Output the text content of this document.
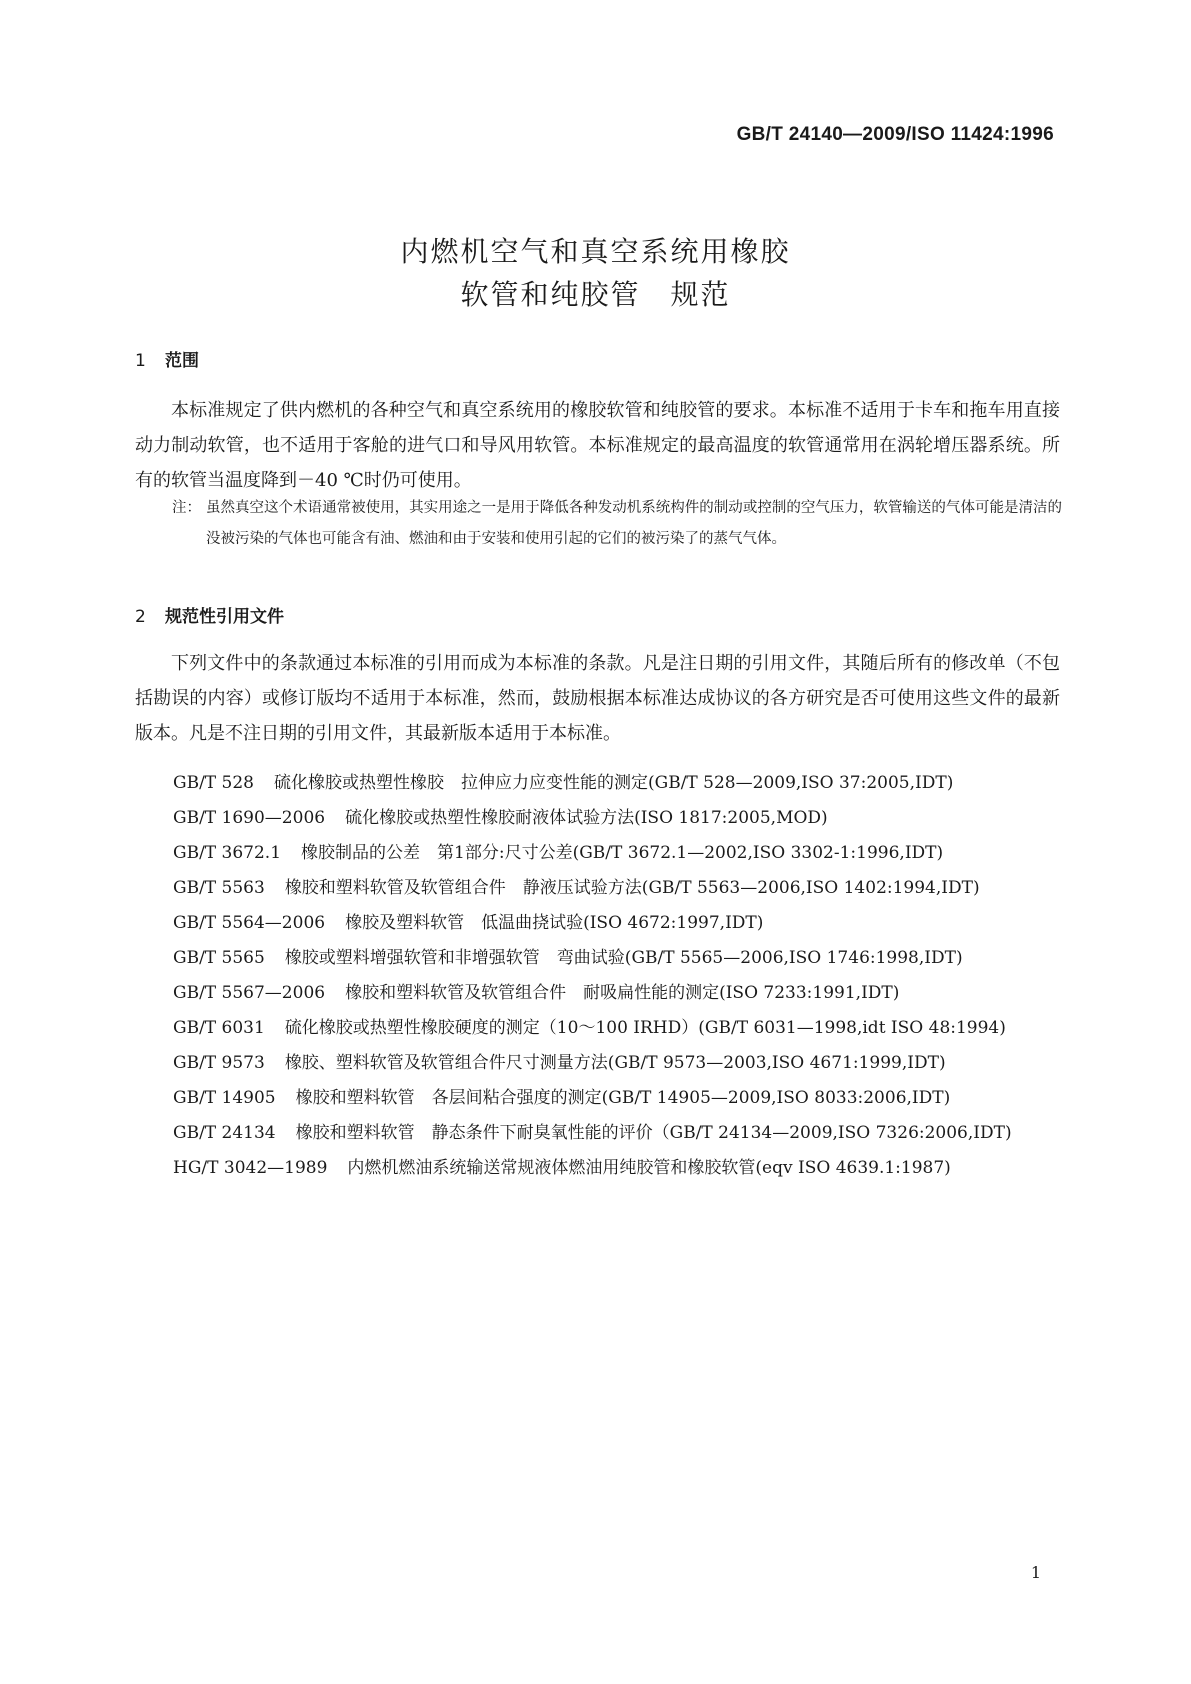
GB/T 24140—2009/ISO 11424:1996
内燃机空气和真空系统用橡胶
软管和纯胶管　规范
1 范围

本标准规定了供内燃机的各种空气和真空系统用的橡胶软管和纯胶管的要求。本标准不适用于卡车和拖车用直接动力制动软管，也不适用于客舱的进气口和导风用软管。本标准规定的最高温度的软管通常用在涡轮增压器系统。所有的软管当温度降到－40 ℃时仍可使用。

注： 虽然真空这个术语通常被使用，其实用途之一是用于降低各种发动机系统构件的制动或控制的空气压力，软管输送的气体可能是清洁的没被污染的气体也可能含有油、燃油和由于安装和使用引起的它们的被污染了的蒸气气体。
2 规范性引用文件

下列文件中的条款通过本标准的引用而成为本标准的条款。凡是注日期的引用文件，其随后所有的修改单（不包括勘误的内容）或修订版均不适用于本标准，然而，鼓励根据本标准达成协议的各方研究是否可使用这些文件的最新版本。凡是不注日期的引用文件，其最新版本适用于本标准。

GB/T 528 硫化橡胶或热塑性橡胶　拉伸应力应变性能的测定(GB/T 528—2009,ISO 37:2005,IDT)

GB/T 1690—2006 硫化橡胶或热塑性橡胶耐液体试验方法(ISO 1817:2005,MOD)

GB/T 3672.1 橡胶制品的公差　第1部分:尺寸公差(GB/T 3672.1—2002,ISO 3302-1:1996,IDT)

GB/T 5563 橡胶和塑料软管及软管组合件　静液压试验方法(GB/T 5563—2006,ISO 1402:1994,IDT)

GB/T 5564—2006 橡胶及塑料软管　低温曲挠试验(ISO 4672:1997,IDT)

GB/T 5565 橡胶或塑料增强软管和非增强软管　弯曲试验(GB/T 5565—2006,ISO 1746:1998,IDT)

GB/T 5567—2006 橡胶和塑料软管及软管组合件　耐吸扁性能的测定(ISO 7233:1991,IDT)

GB/T 6031 硫化橡胶或热塑性橡胶硬度的测定（10～100 IRHD）(GB/T 6031—1998,idt ISO 48:1994)

GB/T 9573 橡胶、塑料软管及软管组合件尺寸测量方法(GB/T 9573—2003,ISO 4671:1999,IDT)

GB/T 14905 橡胶和塑料软管　各层间粘合强度的测定(GB/T 14905—2009,ISO 8033:2006,IDT)

GB/T 24134 橡胶和塑料软管　静态条件下耐臭氧性能的评价（GB/T 24134—2009,ISO 7326:2006,IDT)

HG/T 3042—1989 内燃机燃油系统输送常规液体燃油用纯胶管和橡胶软管(eqv ISO 4639.1:1987)

1
